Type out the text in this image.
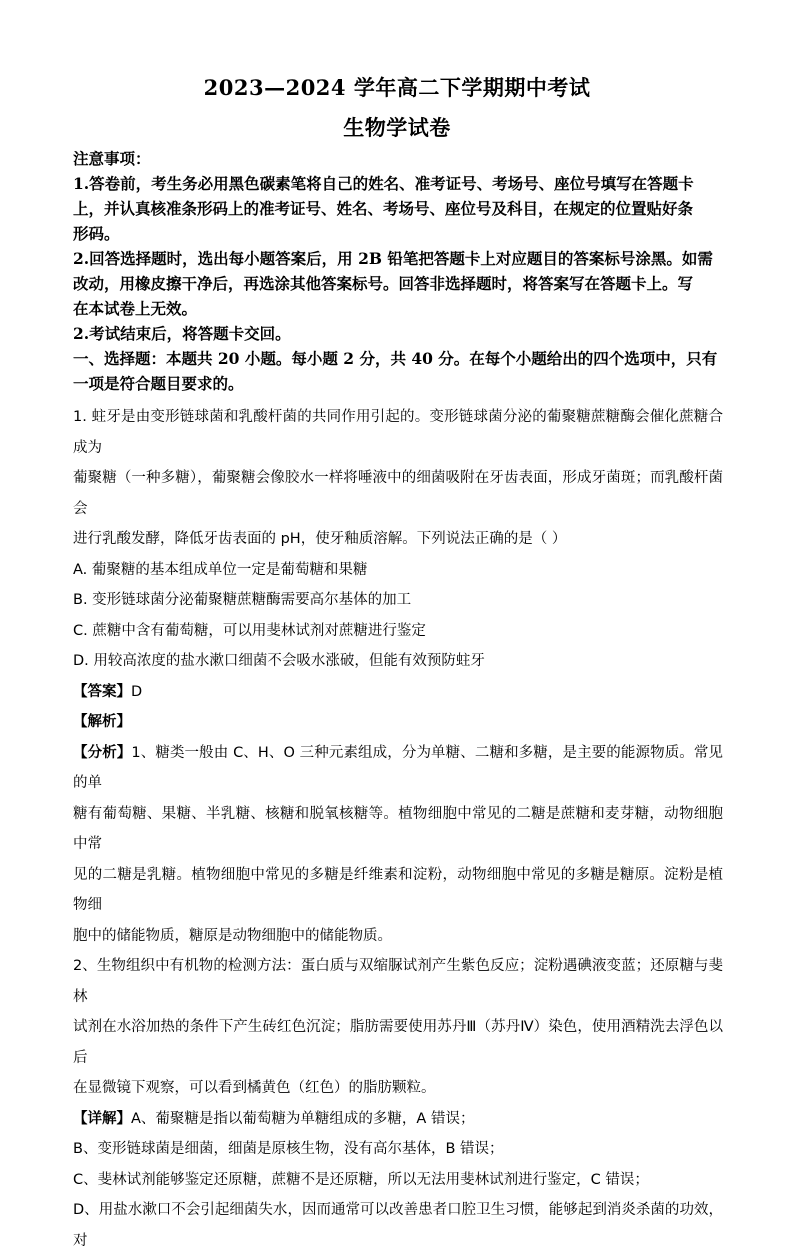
2023—2024 学年高二下学期期中考试
生物学试卷

注意事项：

1.答卷前，考生务必用黑色碳素笔将自己的姓名、准考证号、考场号、座位号填写在答题卡

上，并认真核准条形码上的准考证号、姓名、考场号、座位号及科目，在规定的位置贴好条

形码。

2.回答选择题时，选出每小题答案后，用 2B 铅笔把答题卡上对应题目的答案标号涂黑。如需

改动，用橡皮擦干净后，再选涂其他答案标号。回答非选择题时，将答案写在答题卡上。写

在本试卷上无效。

2.考试结束后，将答题卡交回。

一、选择题：本题共 20 小题。每小题 2 分，共 40 分。在每个小题给出的四个选项中，只有

一项是符合题目要求的。

1. 蛀牙是由变形链球菌和乳酸杆菌的共同作用引起的。变形链球菌分泌的葡聚糖蔗糖酶会催化蔗糖合成为

葡聚糖（一种多糖），葡聚糖会像胶水一样将唾液中的细菌吸附在牙齿表面，形成牙菌斑；而乳酸杆菌会

进行乳酸发酵，降低牙齿表面的 pH，使牙釉质溶解。下列说法正确的是（ ）

A. 葡聚糖的基本组成单位一定是葡萄糖和果糖

B. 变形链球菌分泌葡聚糖蔗糖酶需要高尔基体的加工

C. 蔗糖中含有葡萄糖，可以用斐林试剂对蔗糖进行鉴定

D. 用较高浓度的盐水漱口细菌不会吸水涨破，但能有效预防蛀牙

【答案】D

【解析】

【分析】1、糖类一般由 C、H、O 三种元素组成，分为单糖、二糖和多糖，是主要的能源物质。常见的单

糖有葡萄糖、果糖、半乳糖、核糖和脱氧核糖等。植物细胞中常见的二糖是蔗糖和麦芽糖，动物细胞中常

见的二糖是乳糖。植物细胞中常见的多糖是纤维素和淀粉，动物细胞中常见的多糖是糖原。淀粉是植物细

胞中的储能物质，糖原是动物细胞中的储能物质。

2、生物组织中有机物的检测方法：蛋白质与双缩脲试剂产生紫色反应；淀粉遇碘液变蓝；还原糖与斐林

试剂在水浴加热的条件下产生砖红色沉淀；脂肪需要使用苏丹Ⅲ（苏丹Ⅳ）染色，使用酒精洗去浮色以后

在显微镜下观察，可以看到橘黄色（红色）的脂肪颗粒。

【详解】A、葡聚糖是指以葡萄糖为单糖组成的多糖，A 错误；

B、变形链球菌是细菌，细菌是原核生物，没有高尔基体，B 错误；

C、斐林试剂能够鉴定还原糖，蔗糖不是还原糖，所以无法用斐林试剂进行鉴定，C 错误；

D、用盐水漱口不会引起细菌失水，因而通常可以改善患者口腔卫生习惯，能够起到消炎杀菌的功效，对
